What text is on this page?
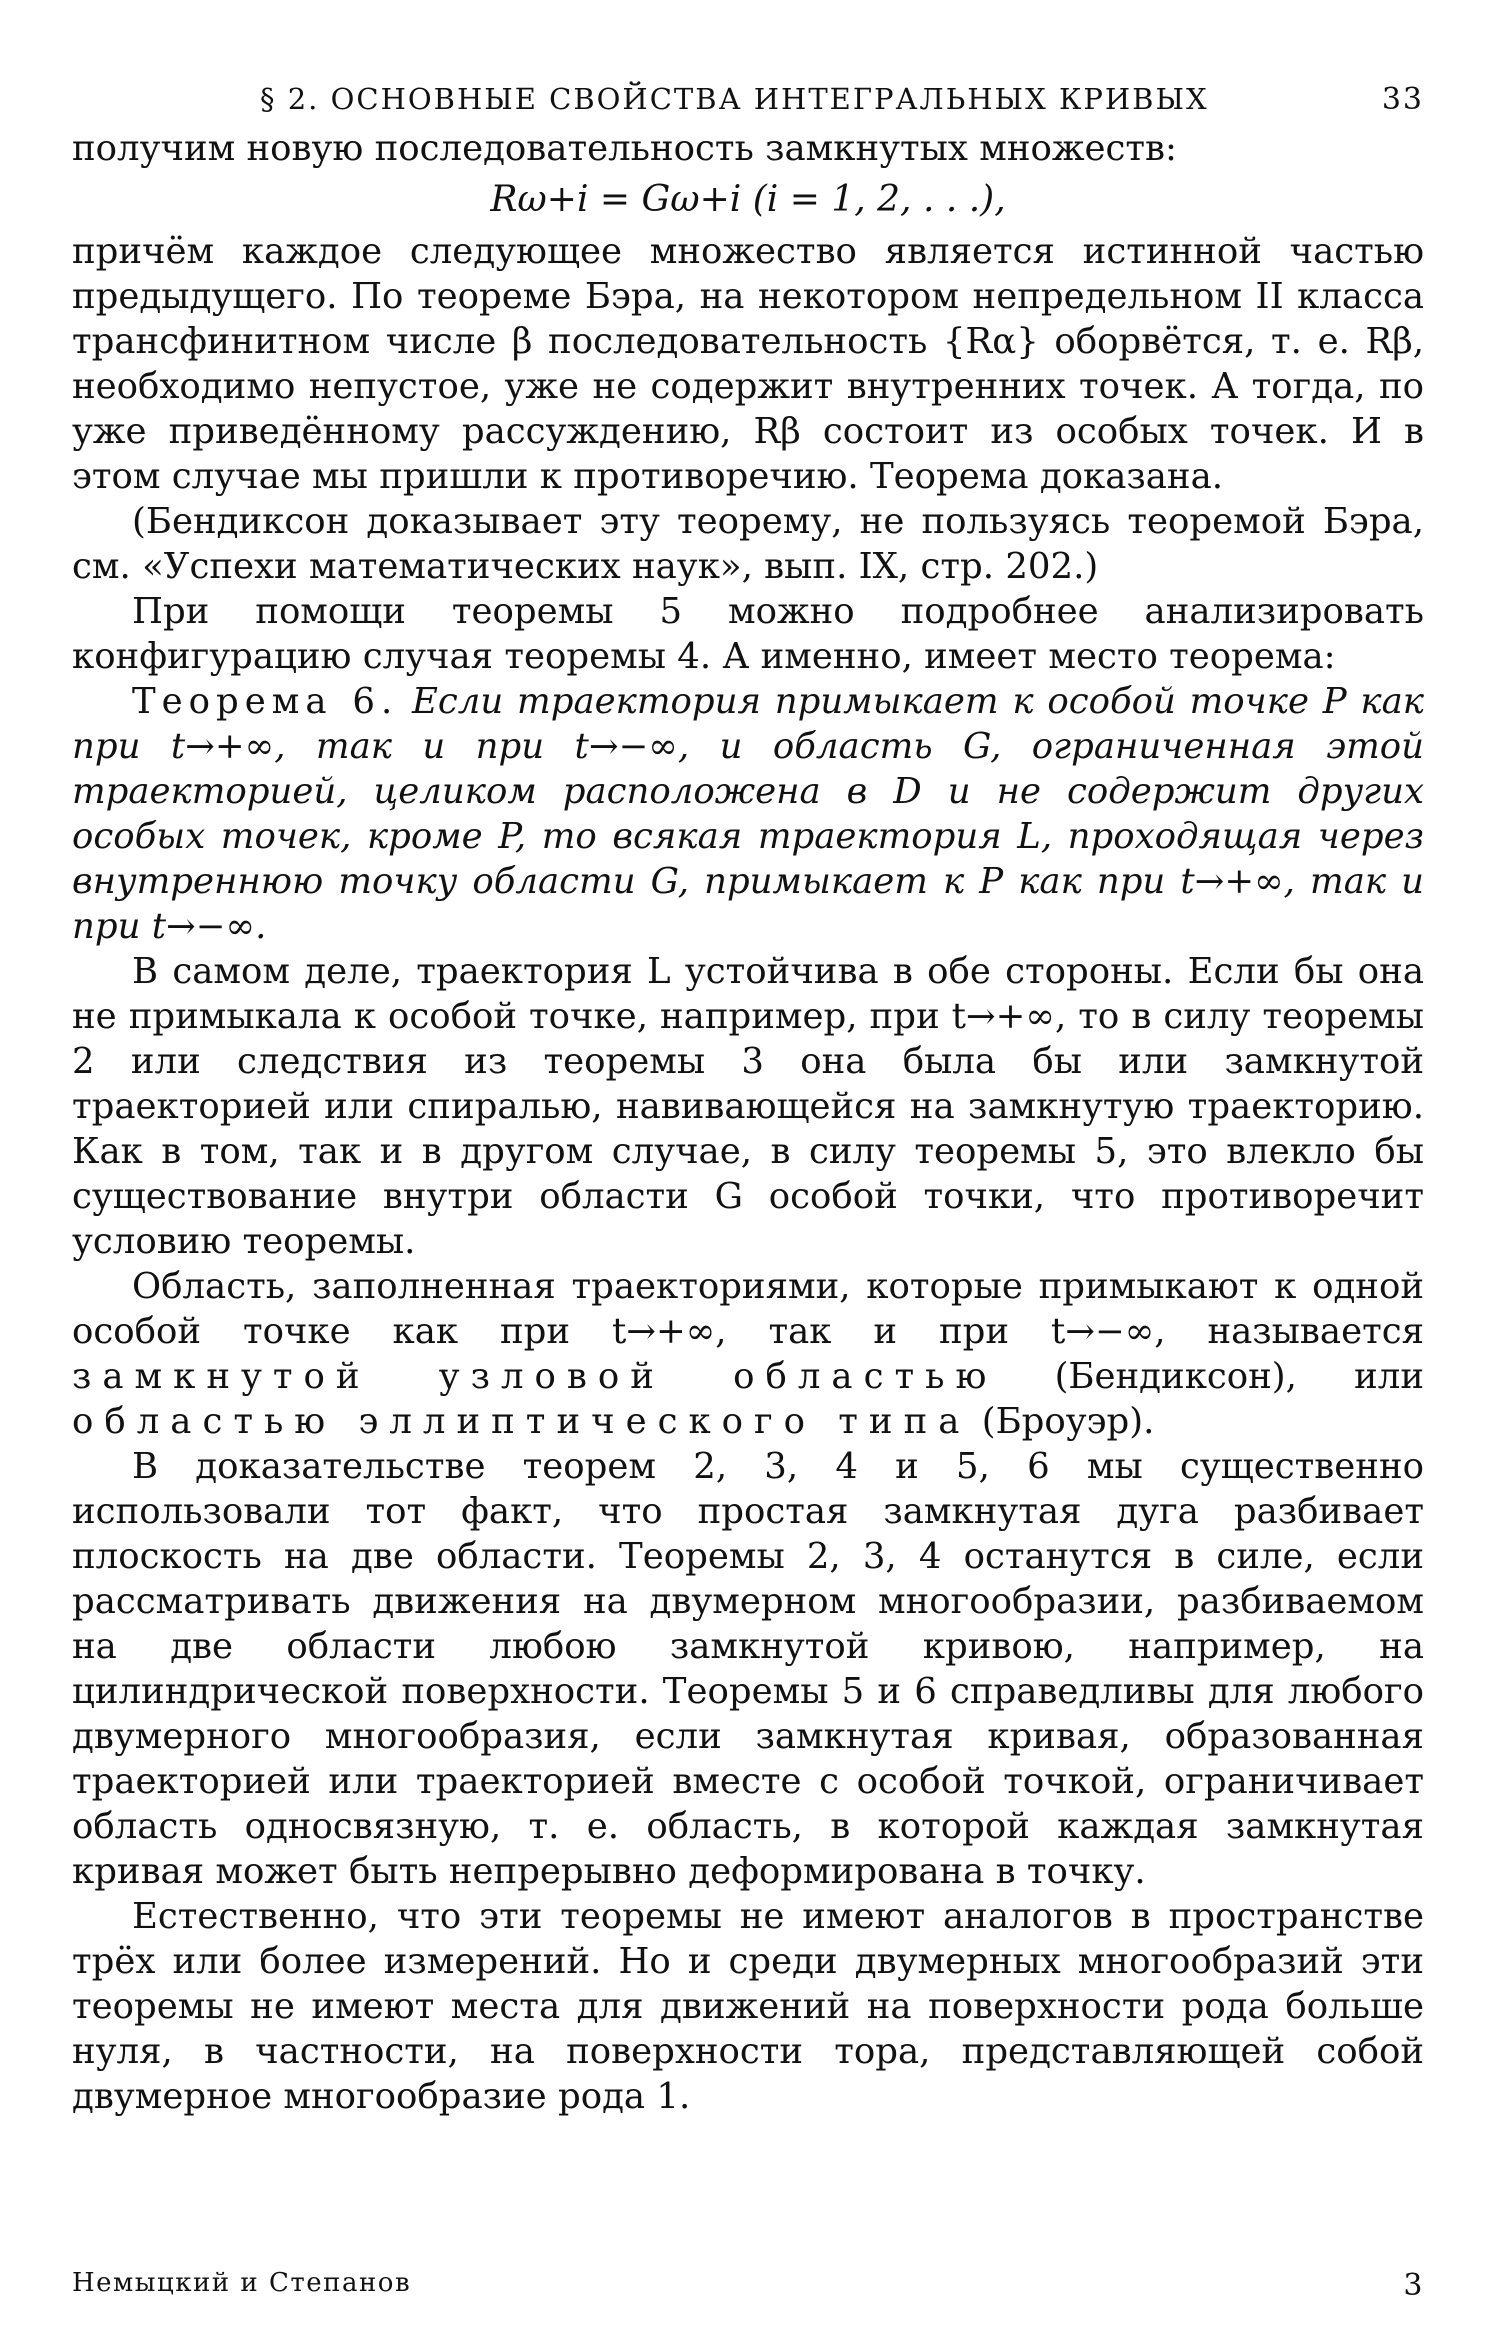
§ 2. ОСНОВНЫЕ СВОЙСТВА ИНТЕГРАЛЬНЫХ КРИВЫХ	33

получим новую последовательность замкнутых множеств:

Rω+i = Gω+i (i = 1, 2, . . .),

причём каждое следующее множество является истинной частью предыдущего. По теореме Бэра, на некотором непредельном II класса трансфинитном числе β последовательность {Rα} оборвётся, т. е. Rβ, необходимо непустое, уже не содержит внутренних точек. А тогда, по уже приведённому рассуждению, Rβ состоит из особых точек. И в этом случае мы пришли к противоречию. Теорема доказана.

(Бендиксон доказывает эту теорему, не пользуясь теоремой Бэра, см. «Успехи математических наук», вып. IX, стр. 202.)

При помощи теоремы 5 можно подробнее анализировать конфигурацию случая теоремы 4. А именно, имеет место теорема:

Теорема 6. Если траектория примыкает к особой точке P как при t→+∞, так и при t→−∞, и область G, ограниченная этой траекторией, целиком расположена в D и не содержит других особых точек, кроме P, то всякая траектория L, проходящая через внутреннюю точку области G, примыкает к P как при t→+∞, так и при t→−∞.

В самом деле, траектория L устойчива в обе стороны. Если бы она не примыкала к особой точке, например, при t→+∞, то в силу теоремы 2 или следствия из теоремы 3 она была бы или замкнутой траекторией или спиралью, навивающейся на замкнутую траекторию. Как в том, так и в другом случае, в силу теоремы 5, это влекло бы существование внутри области G особой точки, что противоречит условию теоремы.

Область, заполненная траекториями, которые примыкают к одной особой точке как при t→+∞, так и при t→−∞, называется замкнутой узловой областью (Бендиксон), или областью эллиптического типа (Броуэр).

В доказательстве теорем 2, 3, 4 и 5, 6 мы существенно использовали тот факт, что простая замкнутая дуга разбивает плоскость на две области. Теоремы 2, 3, 4 останутся в силе, если рассматривать движения на двумерном многообразии, разбиваемом на две области любою замкнутой кривою, например, на цилиндрической поверхности. Теоремы 5 и 6 справедливы для любого двумерного многообразия, если замкнутая кривая, образованная траекторией или траекторией вместе с особой точкой, ограничивает область односвязную, т. е. область, в которой каждая замкнутая кривая может быть непрерывно деформирована в точку.

Естественно, что эти теоремы не имеют аналогов в пространстве трёх или более измерений. Но и среди двумерных многообразий эти теоремы не имеют места для движений на поверхности рода больше нуля, в частности, на поверхности тора, представляющей собой двумерное многообразие рода 1.

Немыцкий и Степанов	3
